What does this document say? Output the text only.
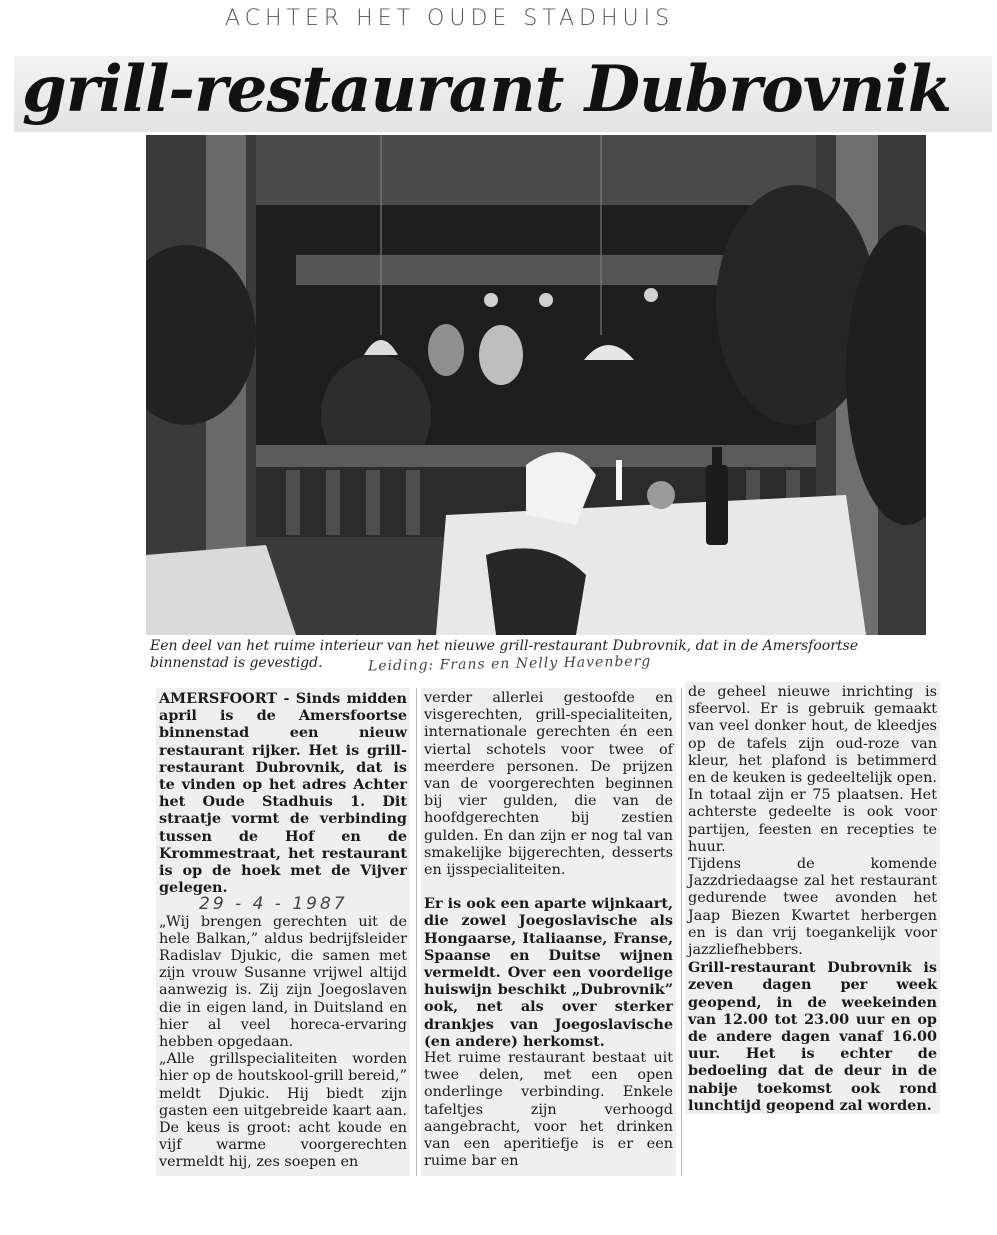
ACHTER HET OUDE STADHUIS
grill-restaurant Dubrovnik
Een deel van het ruime interieur van het nieuwe grill-restaurant Dubrovnik, dat in de Amersfoortse binnenstad is gevestigd.	Leiding: Frans en Nelly Havenberg

AMERSFOORT - Sinds midden april is de Amersfoortse binnenstad een nieuw restaurant rijker. Het is grill-restaurant Dubrovnik, dat is te vinden op het adres Achter het Oude Stadhuis 1. Dit straatje vormt de verbinding tussen de Hof en de Krommestraat, het restaurant is op de hoek met de Vijver gelegen.

29 - 4 - 1987

„Wij brengen gerechten uit de hele Balkan,” aldus bedrijfsleider Radislav Djukic, die samen met zijn vrouw Susanne vrijwel altijd aanwezig is. Zij zijn Joegoslaven die in eigen land, in Duitsland en hier al veel horeca-ervaring hebben opgedaan.

„Alle grillspecialiteiten worden hier op de houtskool-grill bereid,” meldt Djukic. Hij biedt zijn gasten een uitgebreide kaart aan. De keus is groot: acht koude en vijf warme voorgerechten vermeldt hij, zes soepen en

verder allerlei gestoofde en visgerechten, grill-specialiteiten, internationale gerechten én een viertal schotels voor twee of meerdere personen. De prijzen van de voorgerechten beginnen bij vier gulden, die van de hoofdgerechten bij zestien gulden. En dan zijn er nog tal van smakelijke bijgerechten, desserts en ijsspecialiteiten.

Er is ook een aparte wijnkaart, die zowel Joegoslavische als Hongaarse, Italiaanse, Franse, Spaanse en Duitse wijnen vermeldt. Over een voordelige huiswijn beschikt „Dubrovnik” ook, net als over sterker drankjes van Joegoslavische (en andere) herkomst.

Het ruime restaurant bestaat uit twee delen, met een open onderlinge verbinding. Enkele tafeltjes zijn verhoogd aangebracht, voor het drinken van een aperitiefje is er een ruime bar en

de geheel nieuwe inrichting is sfeervol. Er is gebruik gemaakt van veel donker hout, de kleedjes op de tafels zijn oud-roze van kleur, het plafond is betimmerd en de keuken is gedeeltelijk open. In totaal zijn er 75 plaatsen. Het achterste gedeelte is ook voor partijen, feesten en recepties te huur.

Tijdens de komende Jazzdriedaagse zal het restaurant gedurende twee avonden het Jaap Biezen Kwartet herbergen en is dan vrij toegankelijk voor jazzliefhebbers.

Grill-restaurant Dubrovnik is zeven dagen per week geopend, in de weekeinden van 12.00 tot 23.00 uur en op de andere dagen vanaf 16.00 uur. Het is echter de bedoeling dat de deur in de nabije toekomst ook rond lunchtijd geopend zal worden.
